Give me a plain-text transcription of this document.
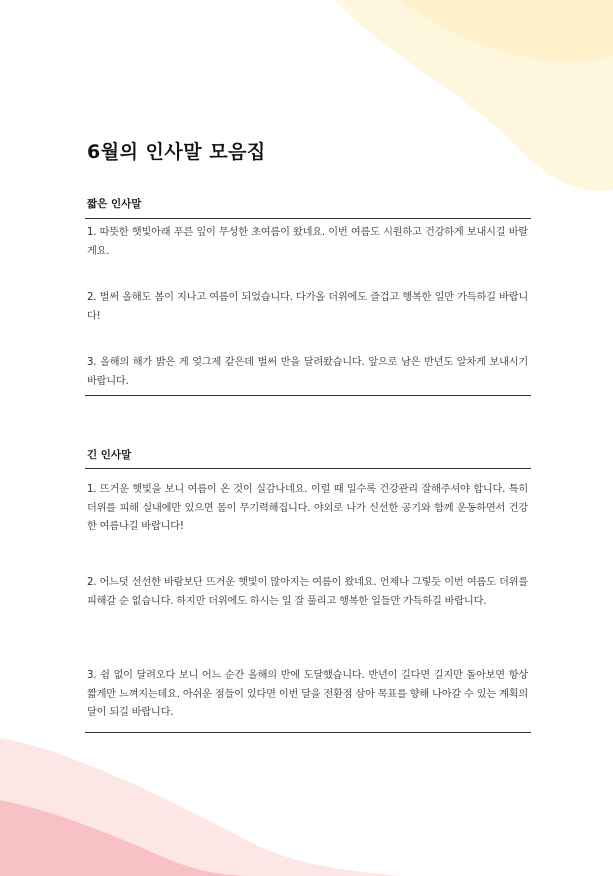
6월의 인사말 모음집
짧은 인사말
1. 따뜻한 햇빛아래 푸른 잎이 무성한 초여름이 왔네요. 이번 여름도 시원하고 건강하게 보내시길 바랄게요.
2. 벌써 올해도 봄이 지나고 여름이 되었습니다. 다가올 더위에도 즐겁고 행복한 일만 가득하길 바랍니다!
3. 올해의 해가 밝은 게 엊그제 같은데 벌써 반을 달려왔습니다. 앞으로 남은 반년도 알차게 보내시기 바랍니다.
긴 인사말
1. 뜨거운 햇빛을 보니 여름이 온 것이 실감나네요. 이럴 때 일수록 건강관리 잘해주셔야 합니다. 특히 더위를 피해 실내에만 있으면 몸이 무기력해집니다. 야외로 나가 신선한 공기와 함께 운동하면서 건강한 여름나길 바랍니다!
2. 어느덧 선선한 바람보단 뜨거운 햇빛이 많아지는 여름이 왔네요. 언제나 그렇듯 이번 여름도 더위를 피해갈 순 없습니다. 하지만 더위에도 하시는 일 잘 풀리고 행복한 일들만 가득하길 바랍니다.
3. 쉼 없이 달려오다 보니 어느 순간 올해의 반에 도달했습니다. 반년이 길다면 길지만 돌아보면 항상 짧게만 느껴지는데요. 아쉬운 점들이 있다면 이번 달을 전환점 삼아 목표를 향해 나아갈 수 있는 계획의 달이 되길 바랍니다.
